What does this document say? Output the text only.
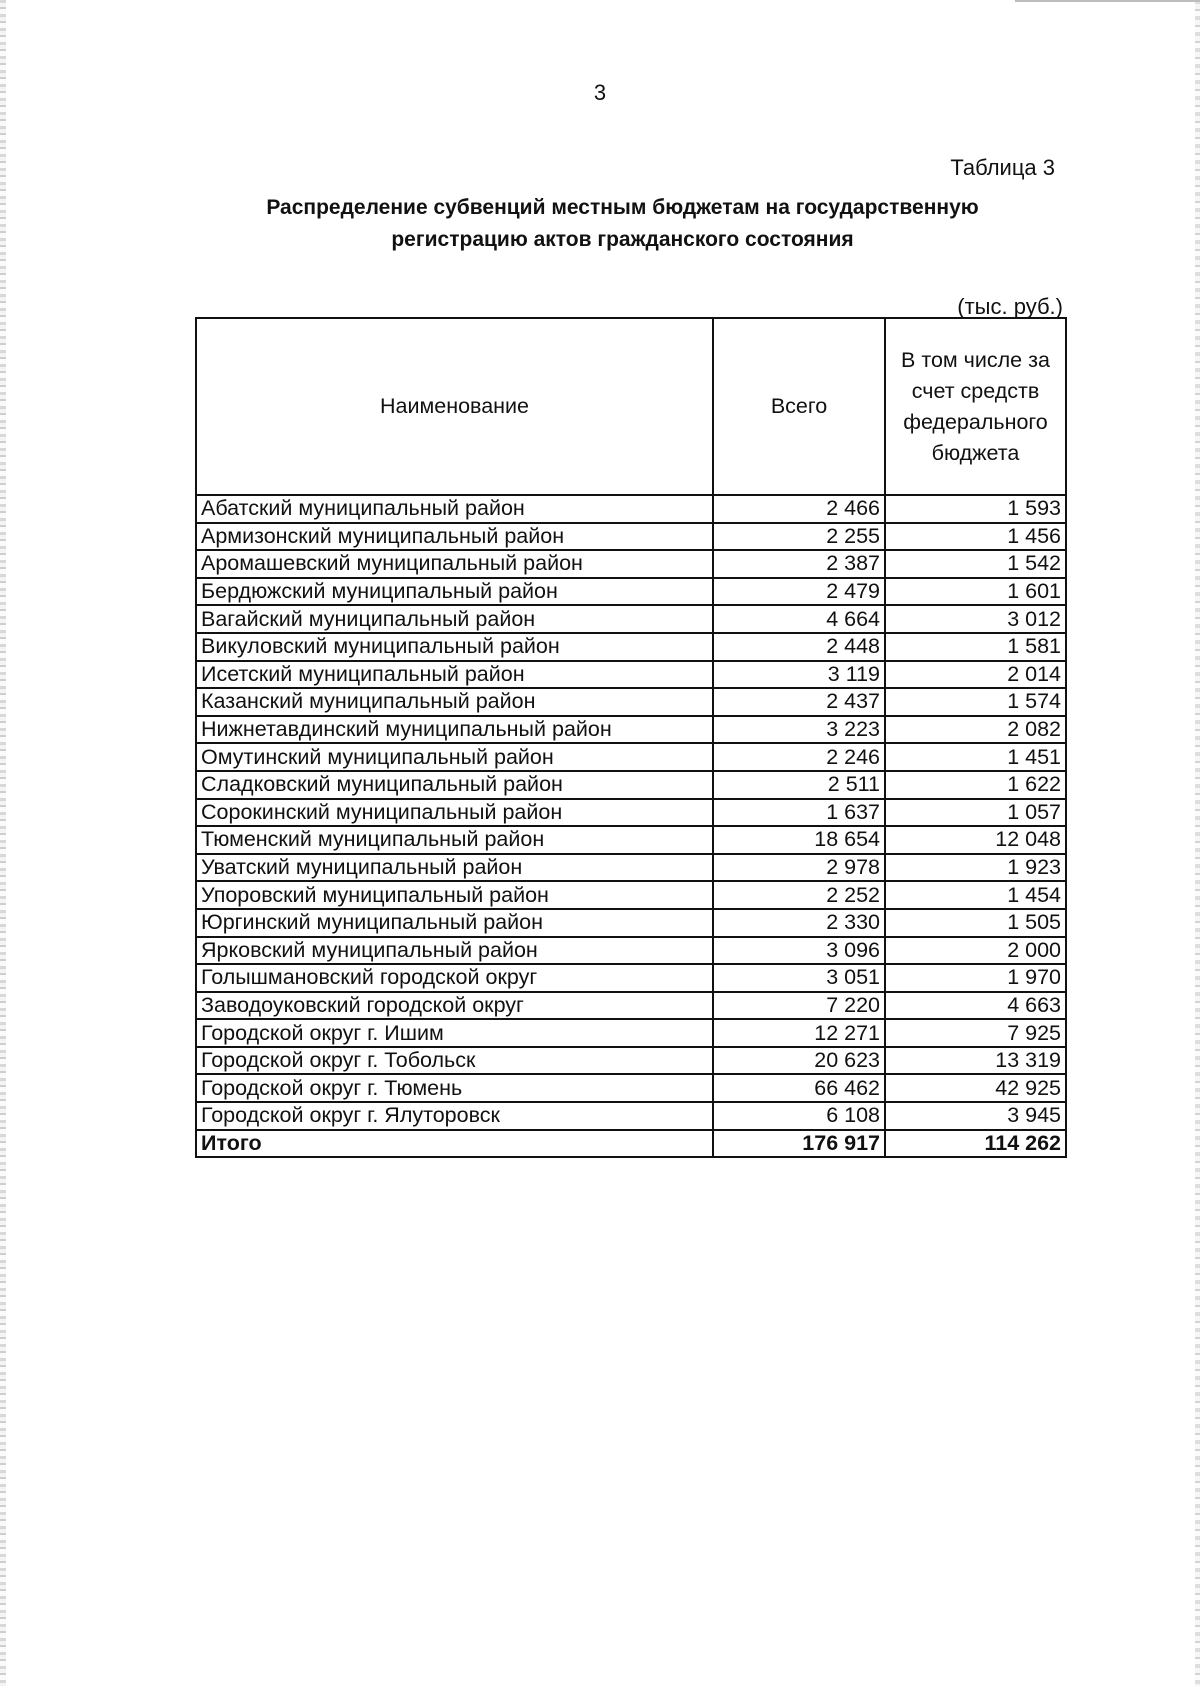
3
Таблица 3
Распределение субвенций местным бюджетам на государственную
регистрацию актов гражданского состояния
(тыс. руб.)
Наименование	Всего	В том числе за счет средств федерального бюджета
Абатский муниципальный район	2 466	1 593
Армизонский муниципальный район	2 255	1 456
Аромашевский муниципальный район	2 387	1 542
Бердюжский муниципальный район	2 479	1 601
Вагайский муниципальный район	4 664	3 012
Викуловский муниципальный район	2 448	1 581
Исетский муниципальный район	3 119	2 014
Казанский муниципальный район	2 437	1 574
Нижнетавдинский муниципальный район	3 223	2 082
Омутинский муниципальный район	2 246	1 451
Сладковский муниципальный район	2 511	1 622
Сорокинский муниципальный район	1 637	1 057
Тюменский муниципальный район	18 654	12 048
Уватский муниципальный район	2 978	1 923
Упоровский муниципальный район	2 252	1 454
Юргинский муниципальный район	2 330	1 505
Ярковский муниципальный район	3 096	2 000
Голышмановский городской округ	3 051	1 970
Заводоуковский городской округ	7 220	4 663
Городской округ г. Ишим	12 271	7 925
Городской округ г. Тобольск	20 623	13 319
Городской округ г. Тюмень	66 462	42 925
Городской округ г. Ялуторовск	6 108	3 945
Итого	176 917	114 262
